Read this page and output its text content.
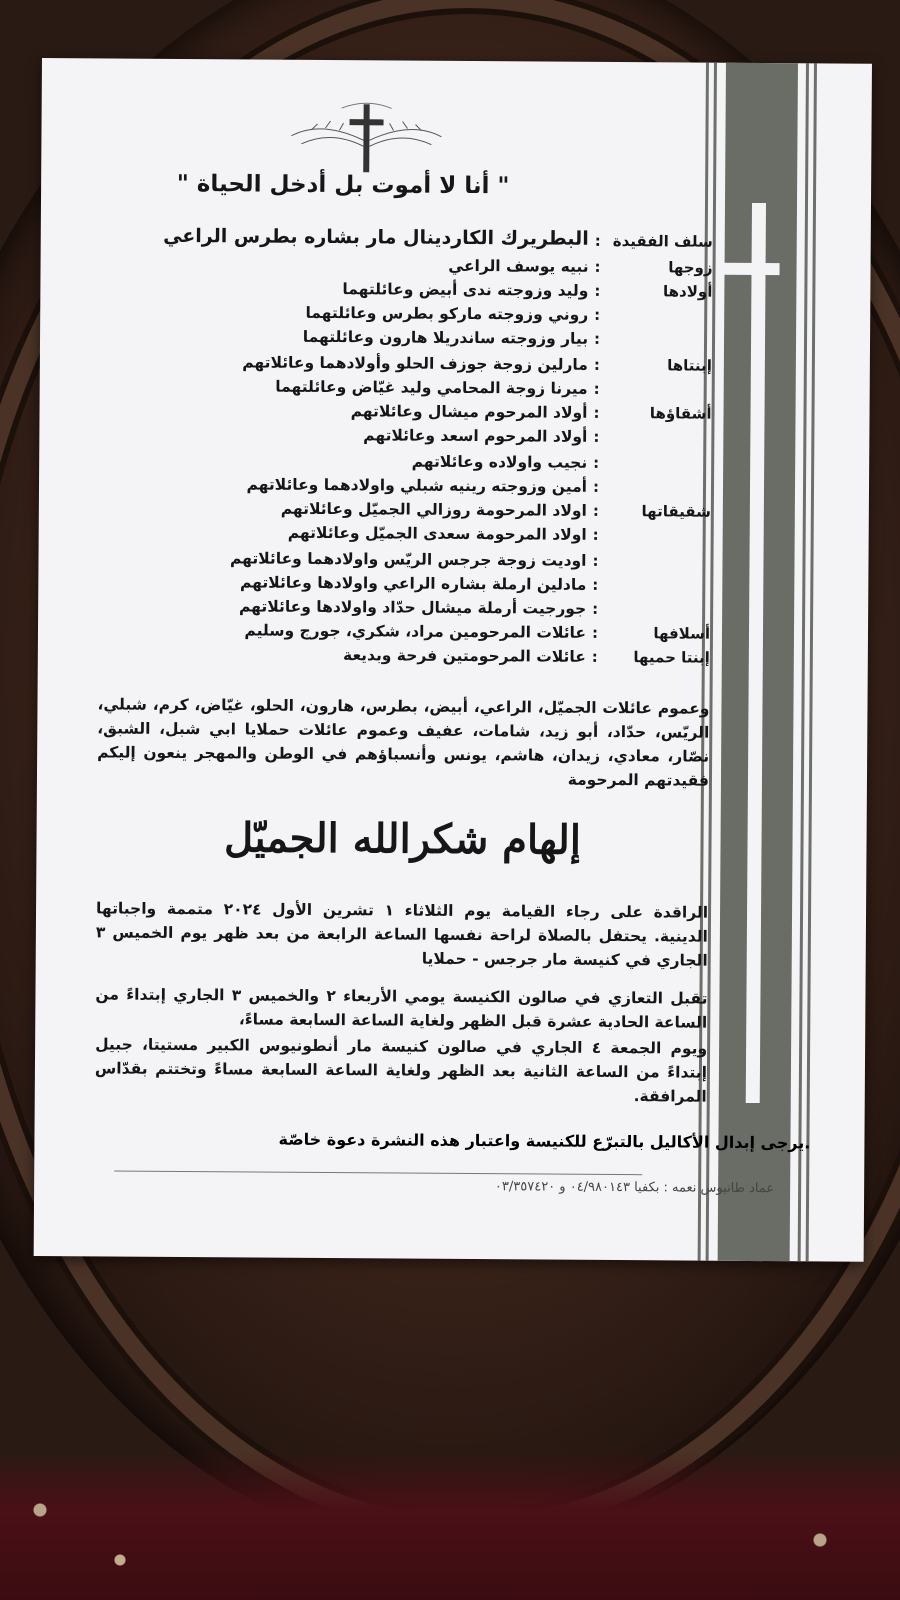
" أنا لا أموت بل أدخل الحياة "
سلف الفقيدة
:
البطريرك الكاردينال مار بشاره بطرس الراعي
زوجها
:
نبيه يوسف الراعي
أولادها
:
وليد وزوجته ندى أبيض وعائلتهما
:
روني وزوجته ماركو بطرس وعائلتهما
:
بيار وزوجته ساندريلا هارون وعائلتهما
إبنتاها
:
مارلين زوجة جوزف الحلو وأولادهما وعائلاتهم
:
ميرنا زوجة المحامي وليد غيّاض وعائلتهما
أشقاؤها
:
أولاد المرحوم ميشال وعائلاتهم
:
أولاد المرحوم اسعد وعائلاتهم
:
نجيب واولاده وعائلاتهم
:
أمين وزوجته رينيه شبلي واولادهما وعائلاتهم
شقيقاتها
:
اولاد المرحومة روزالي الجميّل وعائلاتهم
:
اولاد المرحومة سعدى الجميّل وعائلاتهم
:
اوديت زوجة جرجس الريّس واولادهما وعائلاتهم
:
مادلين ارملة بشاره الراعي واولادها وعائلاتهم
:
جورجيت أرملة ميشال حدّاد واولادها وعائلاتهم
أسلافها
:
عائلات المرحومين مراد، شكري، جورج وسليم
إبنتا حميها
:
عائلات المرحومتين فرحة وبديعة
وعموم عائلات الجميّل، الراعي، أبيض، بطرس، هارون، الحلو، غيّاض، كرم، شبلي، الريّس، حدّاد، أبو زيد، شامات، عفيف وعموم عائلات حملايا ابي شبل، الشبق، نصّار، معادي، زيدان، هاشم، يونس وأنسباؤهم في الوطن والمهجر ينعون إليكم فقيدتهم المرحومة
إلهام شكرالله الجميّل
الراقدة على رجاء القيامة يوم الثلاثاء ١ تشرين الأول ٢٠٢٤ متممة واجباتها الدينية. يحتفل بالصلاة لراحة نفسها الساعة الرابعة من بعد ظهر يوم الخميس ٣ الجاري في كنيسة مار جرجس - حملايا
تقبل التعازي في صالون الكنيسة يومي الأربعاء ٢ والخميس ٣ الجاري إبتداءً من الساعة الحادية عشرة قبل الظهر ولغاية الساعة السابعة مساءً،
ويوم الجمعة ٤ الجاري في صالون كنيسة مار أنطونيوس الكبير مستيتا، جبيل إبتداءً من الساعة الثانية بعد الظهر ولغاية الساعة السابعة مساءً وتختتم بقدّاس المرافقة.
يرجى إبدال الأكاليل بالتبرّع للكنيسة واعتبار هذه النشرة دعوة خاصّة.
عماد طانيوس نعمه : بكفيا ٠٤/٩٨٠١٤٣ و ٠٣/٣٥٧٤٢٠
